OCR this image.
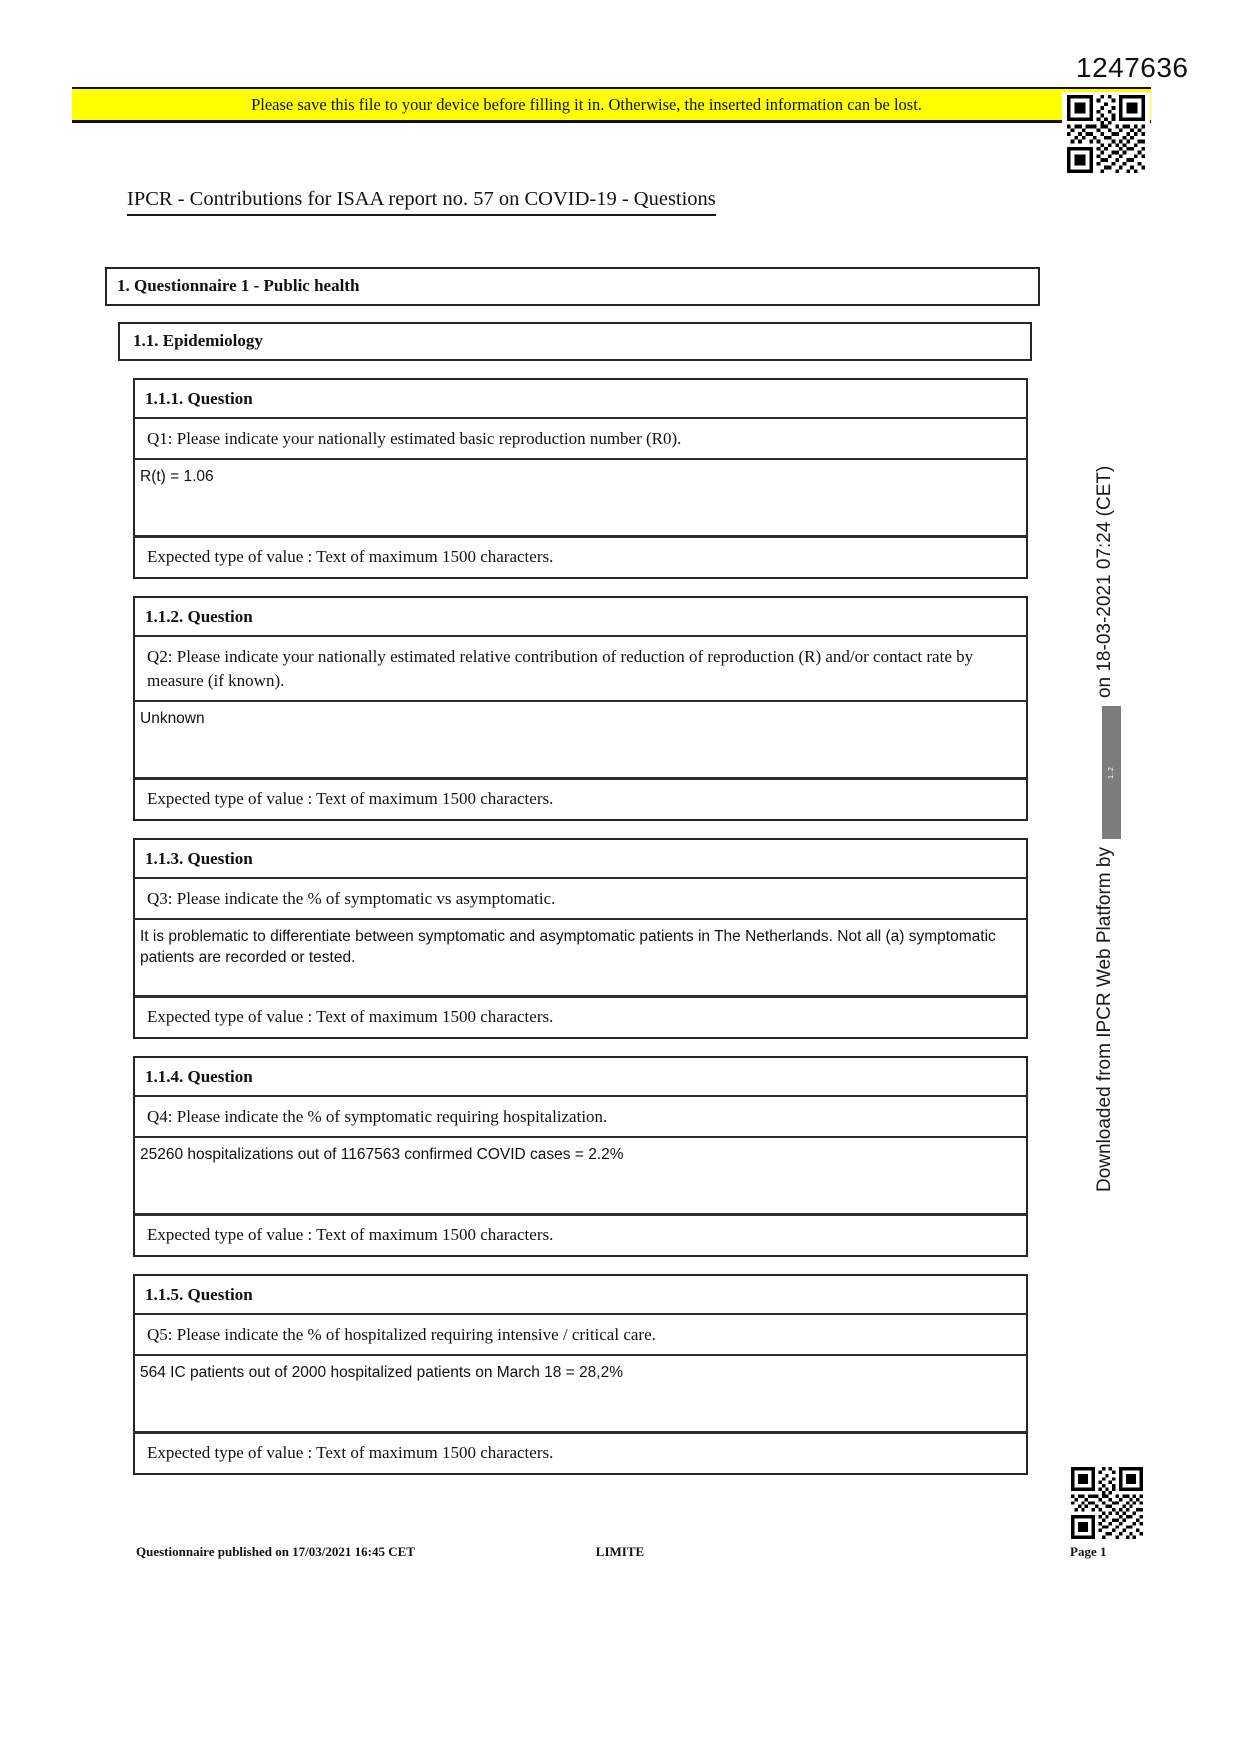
1247636
Please save this file to your device before filling it in. Otherwise, the inserted information can be lost.
IPCR - Contributions for ISAA report no. 57 on COVID-19 - Questions
1. Questionnaire 1 - Public health
1.1. Epidemiology
1.1.1. Question
Q1: Please indicate your nationally estimated basic reproduction number (R0).
R(t) = 1.06
Expected type of value : Text of maximum 1500 characters.
1.1.2. Question
Q2: Please indicate your nationally estimated relative contribution of reduction of reproduction (R) and/or contact rate by measure (if known).
Unknown
Expected type of value : Text of maximum 1500 characters.
1.1.3. Question
Q3: Please indicate the % of symptomatic vs asymptomatic.
It is problematic to differentiate between symptomatic and asymptomatic patients in The Netherlands. Not all (a) symptomatic patients are recorded or tested.
Expected type of value : Text of maximum 1500 characters.
1.1.4. Question
Q4: Please indicate the % of symptomatic requiring hospitalization.
25260 hospitalizations out of 1167563 confirmed COVID cases = 2.2%
Expected type of value : Text of maximum 1500 characters.
1.1.5. Question
Q5: Please indicate the % of hospitalized requiring intensive / critical care.
564 IC patients out of 2000 hospitalized patients on March 18 = 28,2%
Expected type of value : Text of maximum 1500 characters.
Downloaded from IPCR Web Platform by1.2on 18-03-2021 07:24 (CET)
Questionnaire published on 17/03/2021 16:45 CET	LIMITE	Page 1
